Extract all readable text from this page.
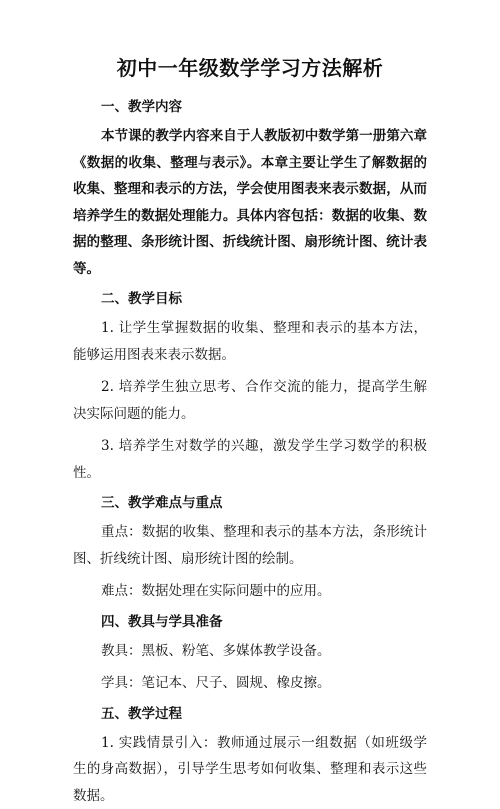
初中一年级数学学习方法解析
一、教学内容

本节课的教学内容来自于人教版初中数学第一册第六章《数据的收集、整理与表示》。本章主要让学生了解数据的收集、整理和表示的方法，学会使用图表来表示数据，从而培养学生的数据处理能力。具体内容包括：数据的收集、数据的整理、条形统计图、折线统计图、扇形统计图、统计表等。

二、教学目标

1. 让学生掌握数据的收集、整理和表示的基本方法，能够运用图表来表示数据。

2. 培养学生独立思考、合作交流的能力，提高学生解决实际问题的能力。

3. 培养学生对数学的兴趣，激发学生学习数学的积极性。

三、教学难点与重点

重点：数据的收集、整理和表示的基本方法，条形统计图、折线统计图、扇形统计图的绘制。

难点：数据处理在实际问题中的应用。

四、教具与学具准备

教具：黑板、粉笔、多媒体教学设备。

学具：笔记本、尺子、圆规、橡皮擦。

五、教学过程

1. 实践情景引入：教师通过展示一组数据（如班级学生的身高数据），引导学生思考如何收集、整理和表示这些数据。
